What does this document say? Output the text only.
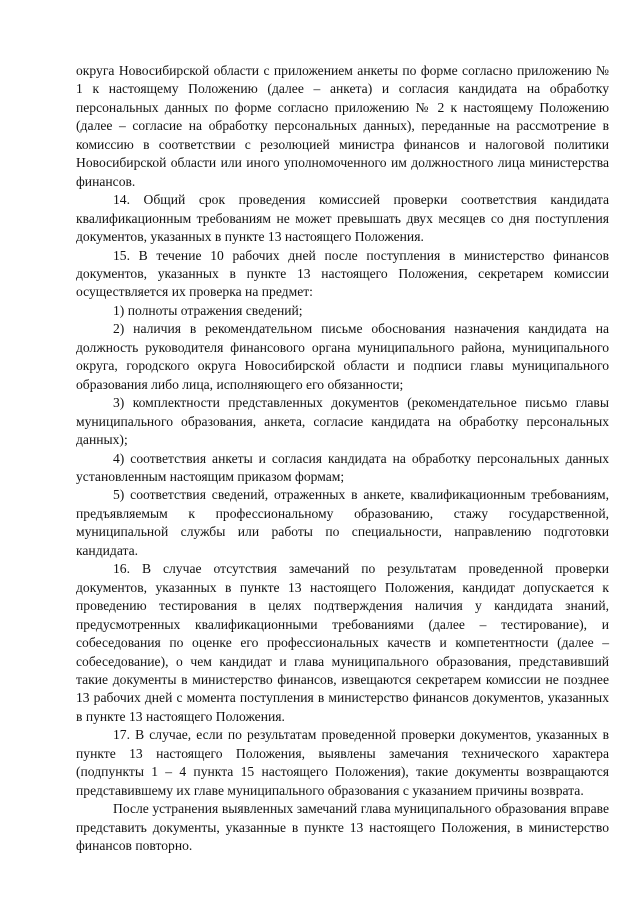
округа Новосибирской области с приложением анкеты по форме согласно приложению № 1 к настоящему Положению (далее – анкета) и согласия кандидата на обработку персональных данных по форме согласно приложению № 2 к настоящему Положению (далее – согласие на обработку персональных данных), переданные на рассмотрение в комиссию в соответствии с резолюцией министра финансов и налоговой политики Новосибирской области или иного уполномоченного им должностного лица министерства финансов.

14. Общий срок проведения комиссией проверки соответствия кандидата квалификационным требованиям не может превышать двух месяцев со дня поступления документов, указанных в пункте 13 настоящего Положения.

15. В течение 10 рабочих дней после поступления в министерство финансов документов, указанных в пункте 13 настоящего Положения, секретарем комиссии осуществляется их проверка на предмет:

1) полноты отражения сведений;

2) наличия в рекомендательном письме обоснования назначения кандидата на должность руководителя финансового органа муниципального района, муниципального округа, городского округа Новосибирской области и подписи главы муниципального образования либо лица, исполняющего его обязанности;

3) комплектности представленных документов (рекомендательное письмо главы муниципального образования, анкета, согласие кандидата на обработку персональных данных);

4) соответствия анкеты и согласия кандидата на обработку персональных данных установленным настоящим приказом формам;

5) соответствия сведений, отраженных в анкете, квалификационным требованиям, предъявляемым к профессиональному образованию, стажу государственной, муниципальной службы или работы по специальности, направлению подготовки кандидата.

16. В случае отсутствия замечаний по результатам проведенной проверки документов, указанных в пункте 13 настоящего Положения, кандидат допускается к проведению тестирования в целях подтверждения наличия у кандидата знаний, предусмотренных квалификационными требованиями (далее – тестирование), и собеседования по оценке его профессиональных качеств и компетентности (далее – собеседование), о чем кандидат и глава муниципального образования, представивший такие документы в министерство финансов, извещаются секретарем комиссии не позднее 13 рабочих дней с момента поступления в министерство финансов документов, указанных в пункте 13 настоящего Положения.

17. В случае, если по результатам проведенной проверки документов, указанных в пункте 13 настоящего Положения, выявлены замечания технического характера (подпункты 1 – 4 пункта 15 настоящего Положения), такие документы возвращаются представившему их главе муниципального образования с указанием причины возврата.

После устранения выявленных замечаний глава муниципального образования вправе представить документы, указанные в пункте 13 настоящего Положения, в министерство финансов повторно.
